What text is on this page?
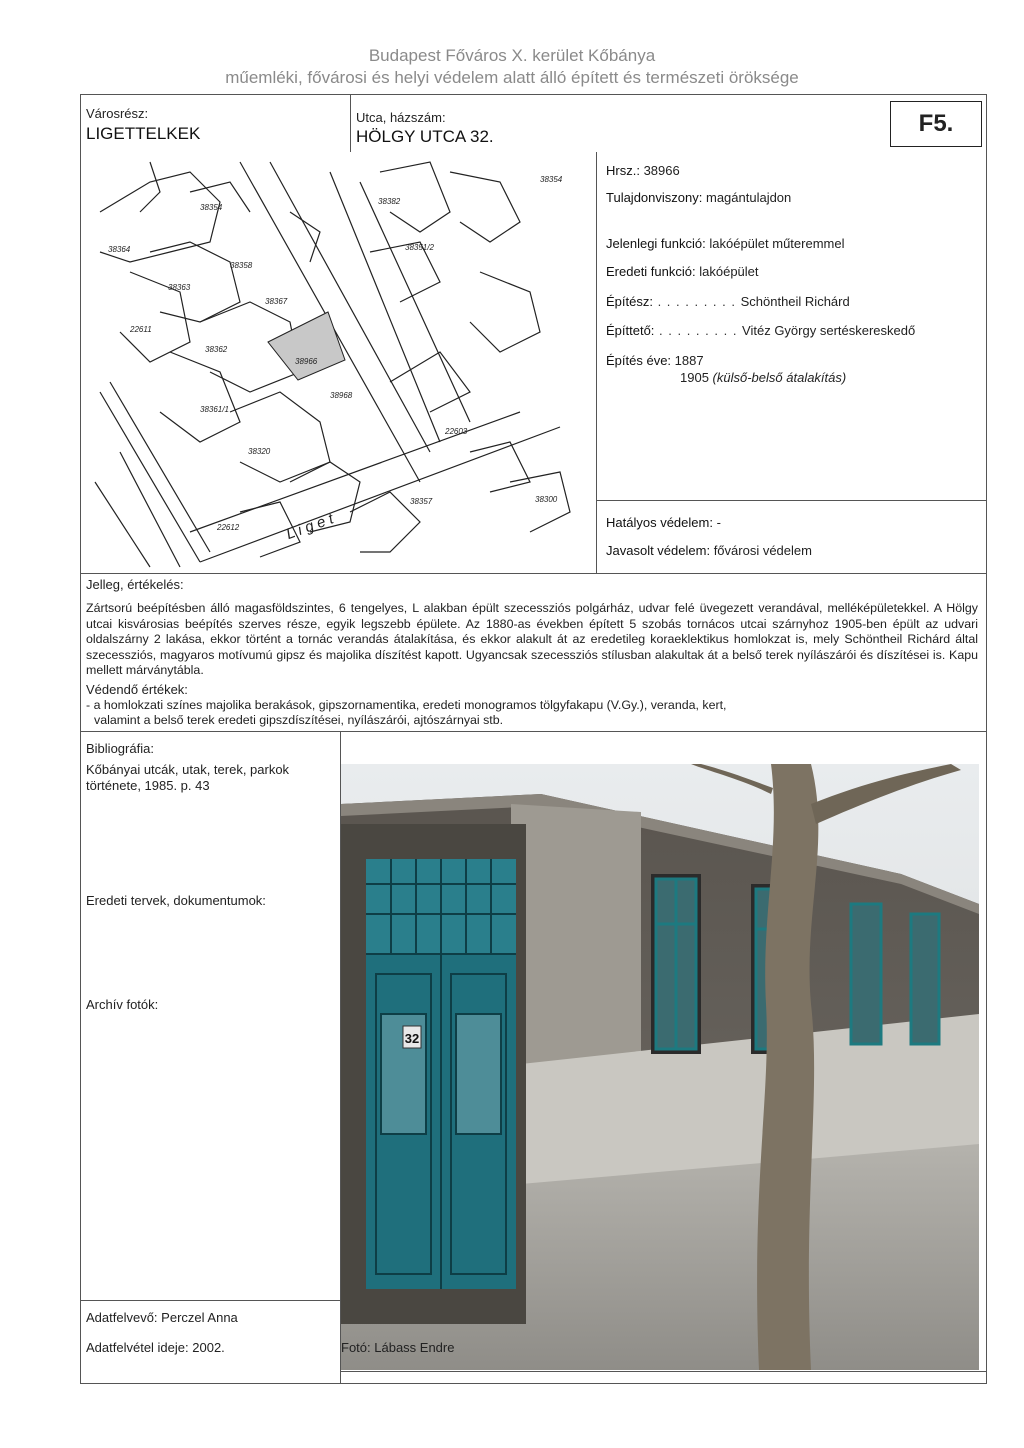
Budapest Főváros X. kerület Kőbánya
műemléki, fővárosi és helyi védelem alatt álló épített és természeti öröksége
Városrész:
LIGETTELKEK
Utca, házszám:
HÖLGY UTCA 32.	F5.
38354
38364
38358
38363
38367
38362
38966
38968
38320
38361/1
38382
38351/2
38354
22603
38357	38300
22612
22611
L i g e t
Hrsz.: 38966
Tulajdonviszony: magántulajdon
Jelenlegi funkció: lakóépület műteremmel
Eredeti funkció: lakóépület
Építész: . . . . . . . . . Schöntheil Richárd
Építtető: . . . . . . . . . Vitéz György sertéskereskedő
Építés éve: 1887
1905 (külső-belső átalakítás)
Hatályos védelem: -
Javasolt védelem: fővárosi védelem
Jelleg, értékelés:
Zártsorú beépítésben álló magasföldszintes, 6 tengelyes, L alakban épült szecessziós polgárház, udvar felé üvegezett verandával, melléképületekkel. A Hölgy utcai kisvárosias beépítés szerves része, egyik legszebb épülete. Az 1880-as években épített 5 szobás tornácos utcai szárnyhoz 1905-ben épült az udvari oldalszárny 2 lakása, ekkor történt a tornác verandás átalakítása, és ekkor alakult át az eredetileg koraeklektikus homlokzat is, mely Schöntheil Richárd által szecessziós, magyaros motívumú gipsz és majolika díszítést kapott. Ugyancsak szecessziós stílusban alakultak át a belső terek nyílászárói és díszítései is. Kapu mellett márványtábla.
Védendő értékek:
- a homlokzati színes majolika berakások, gipszornamentika, eredeti monogramos tölgyfakapu (V.Gy.), veranda, kert,
valamint a belső terek eredeti gipszdíszítései, nyílászárói, ajtószárnyai stb.
Bibliográfia:
Kőbányai utcák, utak, terek, parkok
története, 1985. p. 43
Eredeti tervek, dokumentumok:
Archív fotók:
32
Adatfelvevő: Perczel Anna
Adatfelvétel ideje: 2002.	Fotó: Lábass Endre
